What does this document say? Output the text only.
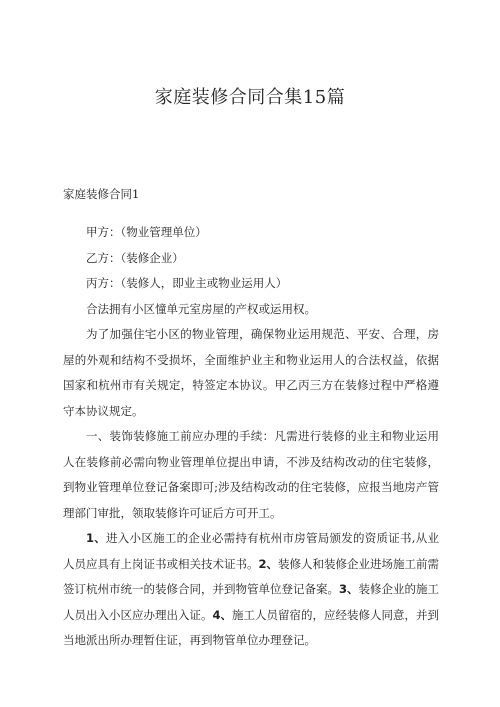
家庭装修合同合集15篇
家庭装修合同1

甲方：（物业管理单位）

乙方：（装修企业）

丙方：（装修人，即业主或物业运用人）

合法拥有小区憧单元室房屋的产权或运用权。

为了加强住宅小区的物业管理，确保物业运用规范、平安、合理，房屋的外观和结构不受损坏，全面维护业主和物业运用人的合法权益，依据国家和杭州市有关规定，特签定本协议。甲乙丙三方在装修过程中严格遵守本协议规定。

一、装饰装修施工前应办理的手续：凡需进行装修的业主和物业运用人在装修前必需向物业管理单位提出申请，不涉及结构改动的住宅装修，到物业管理单位登记备案即可;涉及结构改动的住宅装修，应报当地房产管理部门审批，领取装修许可证后方可开工。

1、进入小区施工的企业必需持有杭州市房管局颁发的资质证书,从业人员应具有上岗证书或相关技术证书。2、装修人和装修企业进场施工前需签订杭州市统一的装修合同，并到物管单位登记备案。3、装修企业的施工人员出入小区应办理出入证。4、施工人员留宿的，应经装修人同意，并到当地派出所办理暂住证，再到物管单位办理登记。
